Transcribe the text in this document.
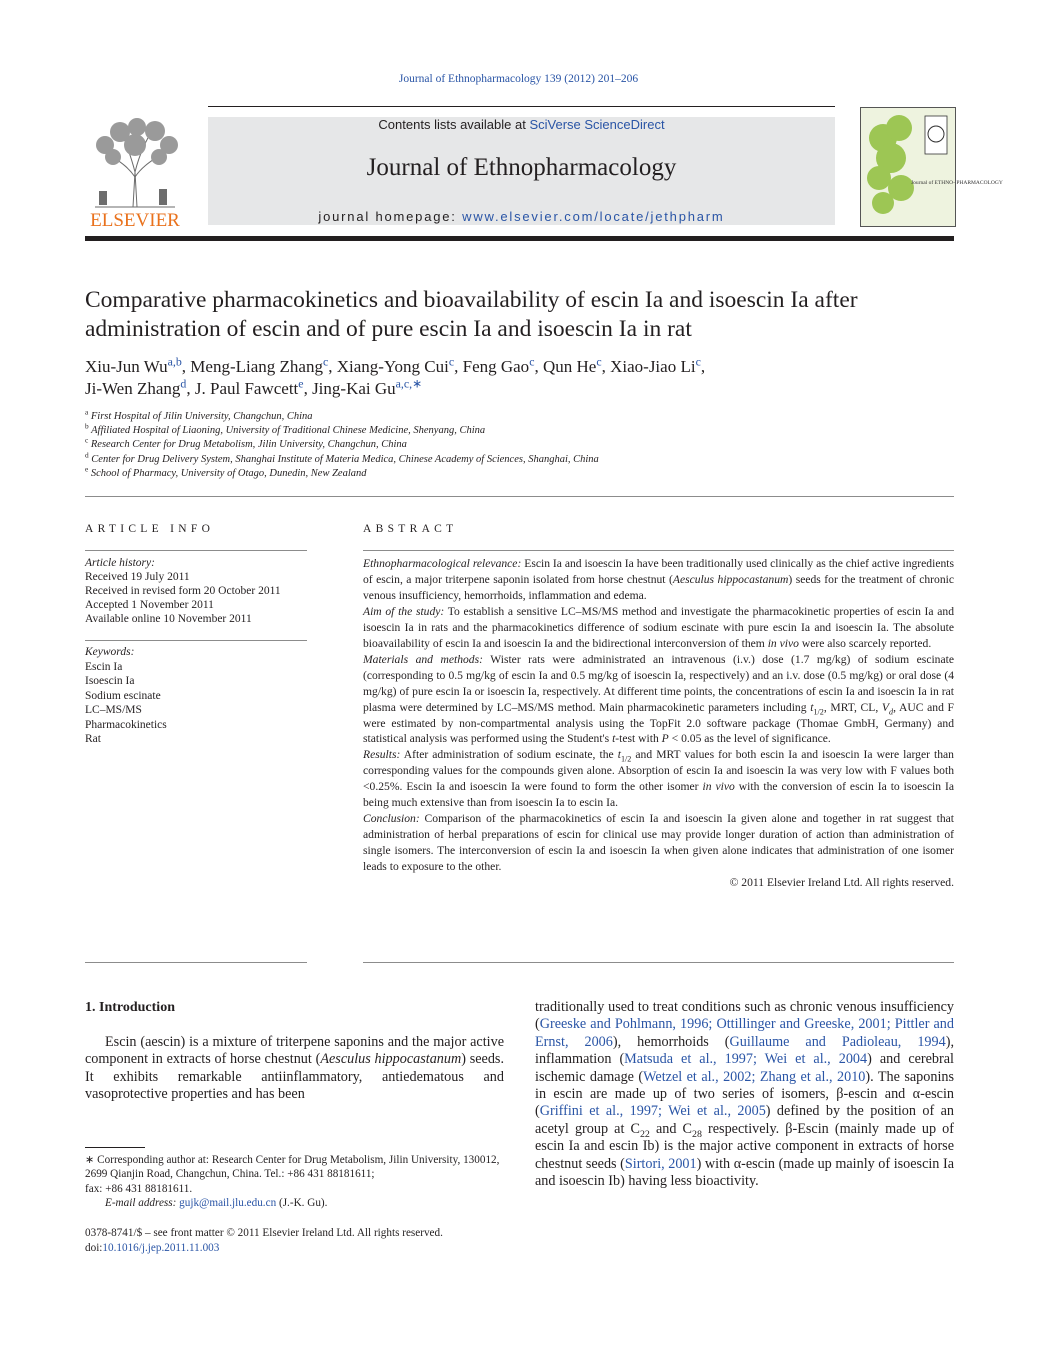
Journal of Ethnopharmacology 139 (2012) 201–206
ELSEVIER
Contents lists available at SciVerse ScienceDirect
Journal of Ethnopharmacology
journal homepage: www.elsevier.com/locate/jethpharm
Journal of ETHNO- PHARMACOLOGY
Comparative pharmacokinetics and bioavailability of escin Ia and isoescin Ia after administration of escin and of pure escin Ia and isoescin Ia in rat
Xiu-Jun Wu$^{a,b}$, Meng-Liang Zhang$^c$, Xiang-Yong Cui$^c$, Feng Gao$^c$, Qun He$^c$, Xiao-Jiao Li$^c$,
Ji-Wen Zhang$^d$, J. Paul Fawcett$^e$, Jing-Kai $Gu^{a,c,∗}$
$^a$ First Hospital of Jilin University, Changchun, China
$^b$ Affiliated Hospital of Liaoning, University of Traditional Chinese Medicine, Shenyang, China
$^c$ Research Center for Drug Metabolism, Jilin University, Changchun, China
$^d$ Center for Drug Delivery System, Shanghai Institute of Materia Medica, Chinese Academy of Sciences, Shanghai, China
$^e$ School of Pharmacy, University of Otago, Dunedin, New Zealand
ARTICLE INFO
Article history:
Received 19 July 2011
Received in revised form 20 October 2011
Accepted 1 November 2011
Available online 10 November 2011
Keywords:
Escin Ia
Isoescin Ia
Sodium escinate
LC–MS/MS
Pharmacokinetics
Rat
ABSTRACT

Ethnopharmacological relevance: Escin Ia and isoescin Ia have been traditionally used clinically as the chief active ingredients of escin, a major triterpene saponin isolated from horse chestnut (Aesculus hippocastanum) seeds for the treatment of chronic venous insufficiency, hemorrhoids, inflammation and edema.

Aim of the study: To establish a sensitive LC–MS/MS method and investigate the pharmacokinetic properties of escin Ia and isoescin Ia in rats and the pharmacokinetics difference of sodium escinate with pure escin Ia and isoescin Ia. The absolute bioavailability of escin Ia and isoescin Ia and the bidirectional interconversion of them in vivo were also scarcely reported.

Materials and methods: Wister rats were administrated an intravenous (i.v.) dose (1.7 mg/kg) of sodium escinate (corresponding to 0.5 mg/kg of escin Ia and 0.5 mg/kg of isoescin Ia, respectively) and an i.v. dose (0.5 mg/kg) or oral dose (4 mg/kg) of pure escin Ia or isoescin Ia, respectively. At different time points, the concentrations of escin Ia and isoescin Ia in rat plasma were determined by LC–MS/MS method. Main pharmacokinetic parameters including $t_{1/2}$, MRT, CL, $V_d$, AUC and F were estimated by non-compartmental analysis using the TopFit 2.0 software package (Thomae GmbH, Germany) and statistical analysis was performed using the Student's t-test with P < 0.05 as the level of significance.

Results: After administration of sodium escinate, the $t_{1/2}$ and MRT values for both escin Ia and isoescin Ia were larger than corresponding values for the compounds given alone. Absorption of escin Ia and isoescin Ia was very low with F values both <0.25%. Escin Ia and isoescin Ia were found to form the other isomer in vivo with the conversion of escin Ia to isoescin Ia being much extensive than from isoescin Ia to escin Ia.

Conclusion: Comparison of the pharmacokinetics of escin Ia and isoescin Ia given alone and together in rat suggest that administration of herbal preparations of escin for clinical use may provide longer duration of action than administration of single isomers. The interconversion of escin Ia and isoescin Ia when given alone indicates that administration of one isomer leads to exposure to the other.

© 2011 Elsevier Ireland Ltd. All rights reserved.

1. Introduction

Escin (aescin) is a mixture of triterpene saponins and the major active component in extracts of horse chestnut (Aesculus hippocastanum) seeds. It exhibits remarkable antiinflammatory, antiedematous and vasoprotective properties and has been

traditionally used to treat conditions such as chronic venous insufficiency (Greeske and Pohlmann, 1996; Ottillinger and Greeske, 2001; Pittler and Ernst, 2006), hemorrhoids (Guillaume and Padioleau, 1994), inflammation (Matsuda et al., 1997; Wei et al., 2004) and cerebral ischemic damage (Wetzel et al., 2002; Zhang et al., 2010). The saponins in escin are made up of two series of isomers, β-escin and α-escin (Griffini et al., 1997; Wei et al., 2005) defined by the position of an acetyl group at $C_{22}$ and $C_{28}$ respectively. β-Escin (mainly made up of escin Ia and escin Ib) is the major active component in extracts of horse chestnut seeds (Sirtori, 2001) with α-escin (made up mainly of isoescin Ia and isoescin Ib) having less bioactivity.

∗ Corresponding author at: Research Center for Drug Metabolism, Jilin University, 130012, 2699 Qianjin Road, Changchun, China. Tel.: +86 431 88181611;

fax: +86 431 88181611.

E-mail address: gujk@mail.jlu.edu.cn (J.-K. Gu).

0378-8741/$ – see front matter © 2011 Elsevier Ireland Ltd. All rights reserved.

doi:10.1016/j.jep.2011.11.003
